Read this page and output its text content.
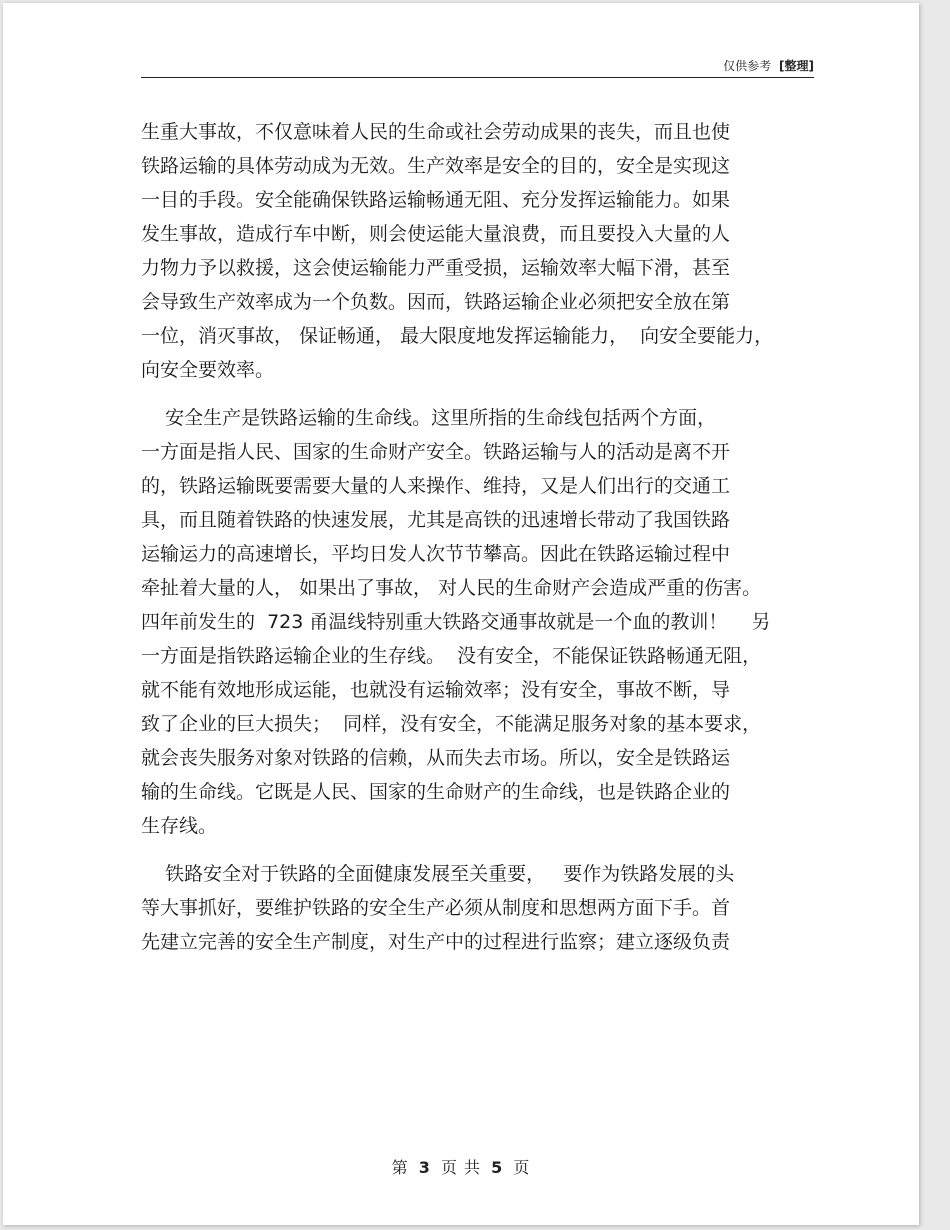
仅供参考 [整理]
生重大事故，不仅意味着人民的生命或社会劳动成果的丧失，而且也使
铁路运输的具体劳动成为无效。生产效率是安全的目的，安全是实现这
一目的手段。安全能确保铁路运输畅通无阻、充分发挥运输能力。如果
发生事故，造成行车中断，则会使运能大量浪费，而且要投入大量的人
力物力予以救援，这会使运输能力严重受损，运输效率大幅下滑，甚至
会导致生产效率成为一个负数。因而，铁路运输企业必须把安全放在第
一位，消灭事故， 保证畅通， 最大限度地发挥运输能力，  向安全要能力，
向安全要效率。
安全生产是铁路运输的生命线。这里所指的生命线包括两个方面，
一方面是指人民、国家的生命财产安全。铁路运输与人的活动是离不开
的，铁路运输既要需要大量的人来操作、维持，又是人们出行的交通工
具，而且随着铁路的快速发展，尤其是高铁的迅速增长带动了我国铁路
运输运力的高速增长，平均日发人次节节攀高。因此在铁路运输过程中
牵扯着大量的人， 如果出了事故， 对人民的生命财产会造成严重的伤害。
四年前发生的  723 甬温线特别重大铁路交通事故就是一个血的教训！    另
一方面是指铁路运输企业的生存线。  没有安全，不能保证铁路畅通无阻，
就不能有效地形成运能，也就没有运输效率；没有安全，事故不断，导
致了企业的巨大损失；  同样，没有安全，不能满足服务对象的基本要求，
就会丧失服务对象对铁路的信赖，从而失去市场。所以，安全是铁路运
输的生命线。它既是人民、国家的生命财产的生命线，也是铁路企业的
生存线。
铁路安全对于铁路的全面健康发展至关重要，   要作为铁路发展的头
等大事抓好，要维护铁路的安全生产必须从制度和思想两方面下手。首
先建立完善的安全生产制度，对生产中的过程进行监察；建立逐级负责
第 3 页 共 5 页
